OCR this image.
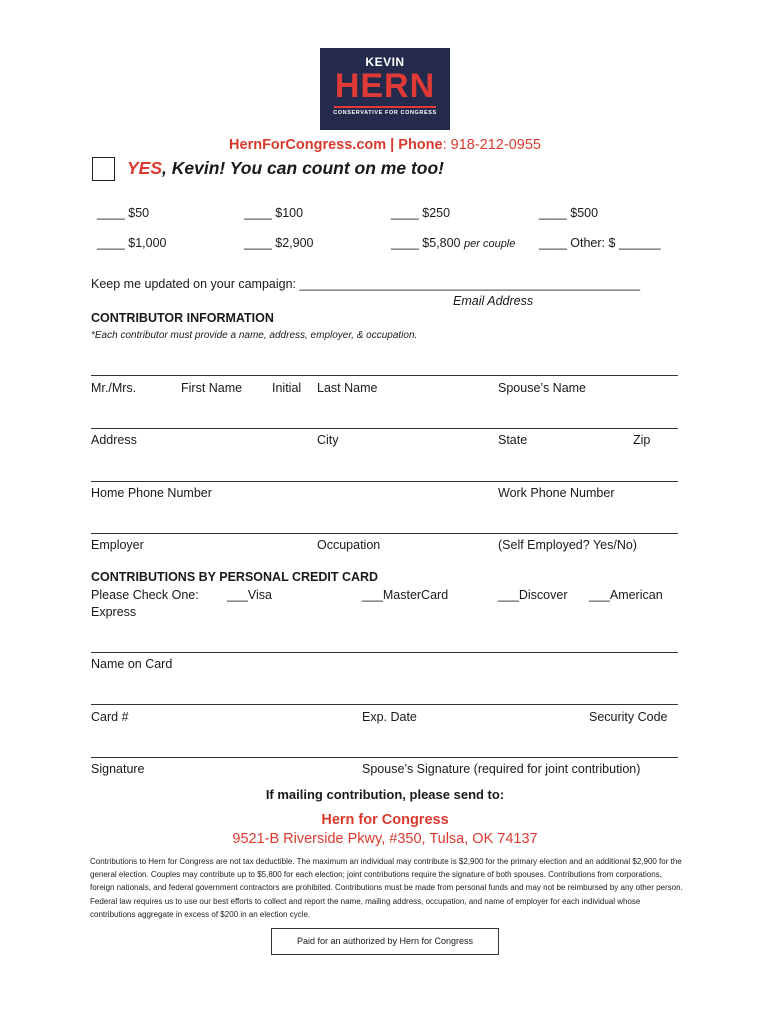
KEVIN
HERN
CONSERVATIVE FOR CONGRESS
HernForCongress.com | Phone: 918-212-0955
YES, Kevin! You can count on me too!
____ $50	____ $100	____ $250	____ $500
____ $1,000	____ $2,900	____ $5,800 per couple ____ Other: $ ______
Keep me updated on your campaign: _________________________________________________
Email Address
CONTRIBUTOR INFORMATION
*Each contributor must provide a name, address, employer, & occupation.
Mr./Mrs.	First Name Initial Last Name	Spouse’s Name
Address	City	State	Zip
Home Phone Number	Work Phone Number
Employer	Occupation	(Self Employed? Yes/No)
CONTRIBUTIONS BY PERSONAL CREDIT CARD
Please Check One: ___Visa	___MasterCard	___Discover ___American
Express
Name on Card
Card #	Exp. Date	Security Code
Signature	Spouse’s Signature (required for joint contribution)
If mailing contribution, please send to:
Hern for Congress
9521-B Riverside Pkwy, #350, Tulsa, OK 74137
Contributions to Hern for Congress are not tax deductible. The maximum an individual may contribute is $2,900 for the primary election and an additional $2,900 for the general election. Couples may contribute up to $5,800 for each election; joint contributions require the signature of both spouses. Contributions from corporations, foreign nationals, and federal government contractors are prohibited. Contributions must be made from personal funds and may not be reimbursed by any other person. Federal law requires us to use our best efforts to collect and report the name, mailing address, occupation, and name of employer for each individual whose contributions aggregate in excess of $200 in an election cycle.
Paid for an authorized by Hern for Congress
